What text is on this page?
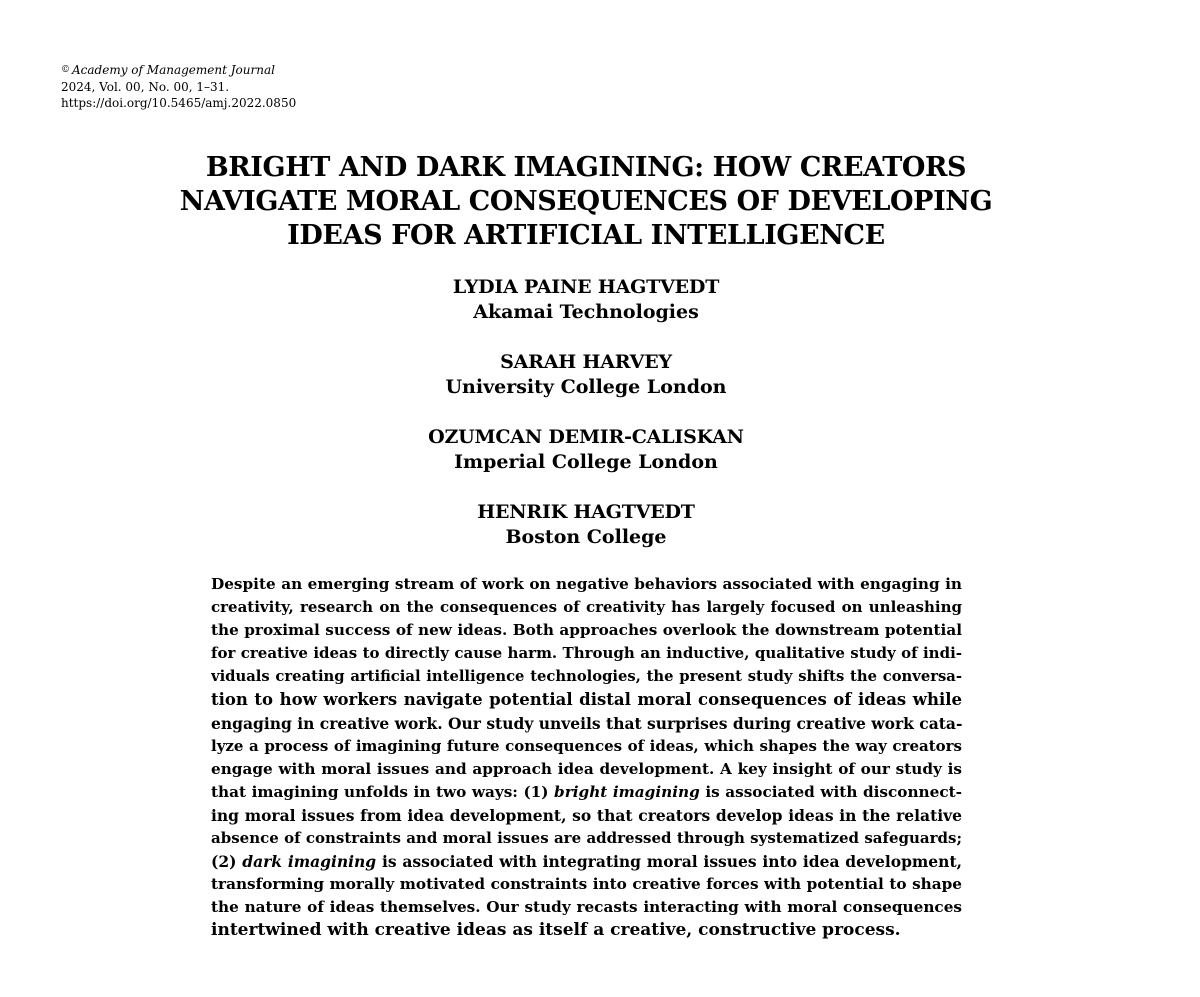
© Academy of Management Journal
2024, Vol. 00, No. 00, 1–31.
https://doi.org/10.5465/amj.2022.0850
BRIGHT AND DARK IMAGINING: HOW CREATORS
NAVIGATE MORAL CONSEQUENCES OF DEVELOPING
IDEAS FOR ARTIFICIAL INTELLIGENCE
LYDIA PAINE HAGTVEDT
Akamai Technologies
SARAH HARVEY
University College London
OZUMCAN DEMIR-CALISKAN
Imperial College London
HENRIK HAGTVEDT
Boston College
Despite an emerging stream of work on negative behaviors associated with engaging in
creativity, research on the consequences of creativity has largely focused on unleashing
the proximal success of new ideas. Both approaches overlook the downstream potential
for creative ideas to directly cause harm. Through an inductive, qualitative study of indi-
viduals creating artificial intelligence technologies, the present study shifts the conversa-
tion to how workers navigate potential distal moral consequences of ideas while
engaging in creative work. Our study unveils that surprises during creative work cata-
lyze a process of imagining future consequences of ideas, which shapes the way creators
engage with moral issues and approach idea development. A key insight of our study is
that imagining unfolds in two ways: (1) bright imagining is associated with disconnect-
ing moral issues from idea development, so that creators develop ideas in the relative
absence of constraints and moral issues are addressed through systematized safeguards;
(2) dark imagining is associated with integrating moral issues into idea development,
transforming morally motivated constraints into creative forces with potential to shape
the nature of ideas themselves. Our study recasts interacting with moral consequences
intertwined with creative ideas as itself a creative, constructive process.
